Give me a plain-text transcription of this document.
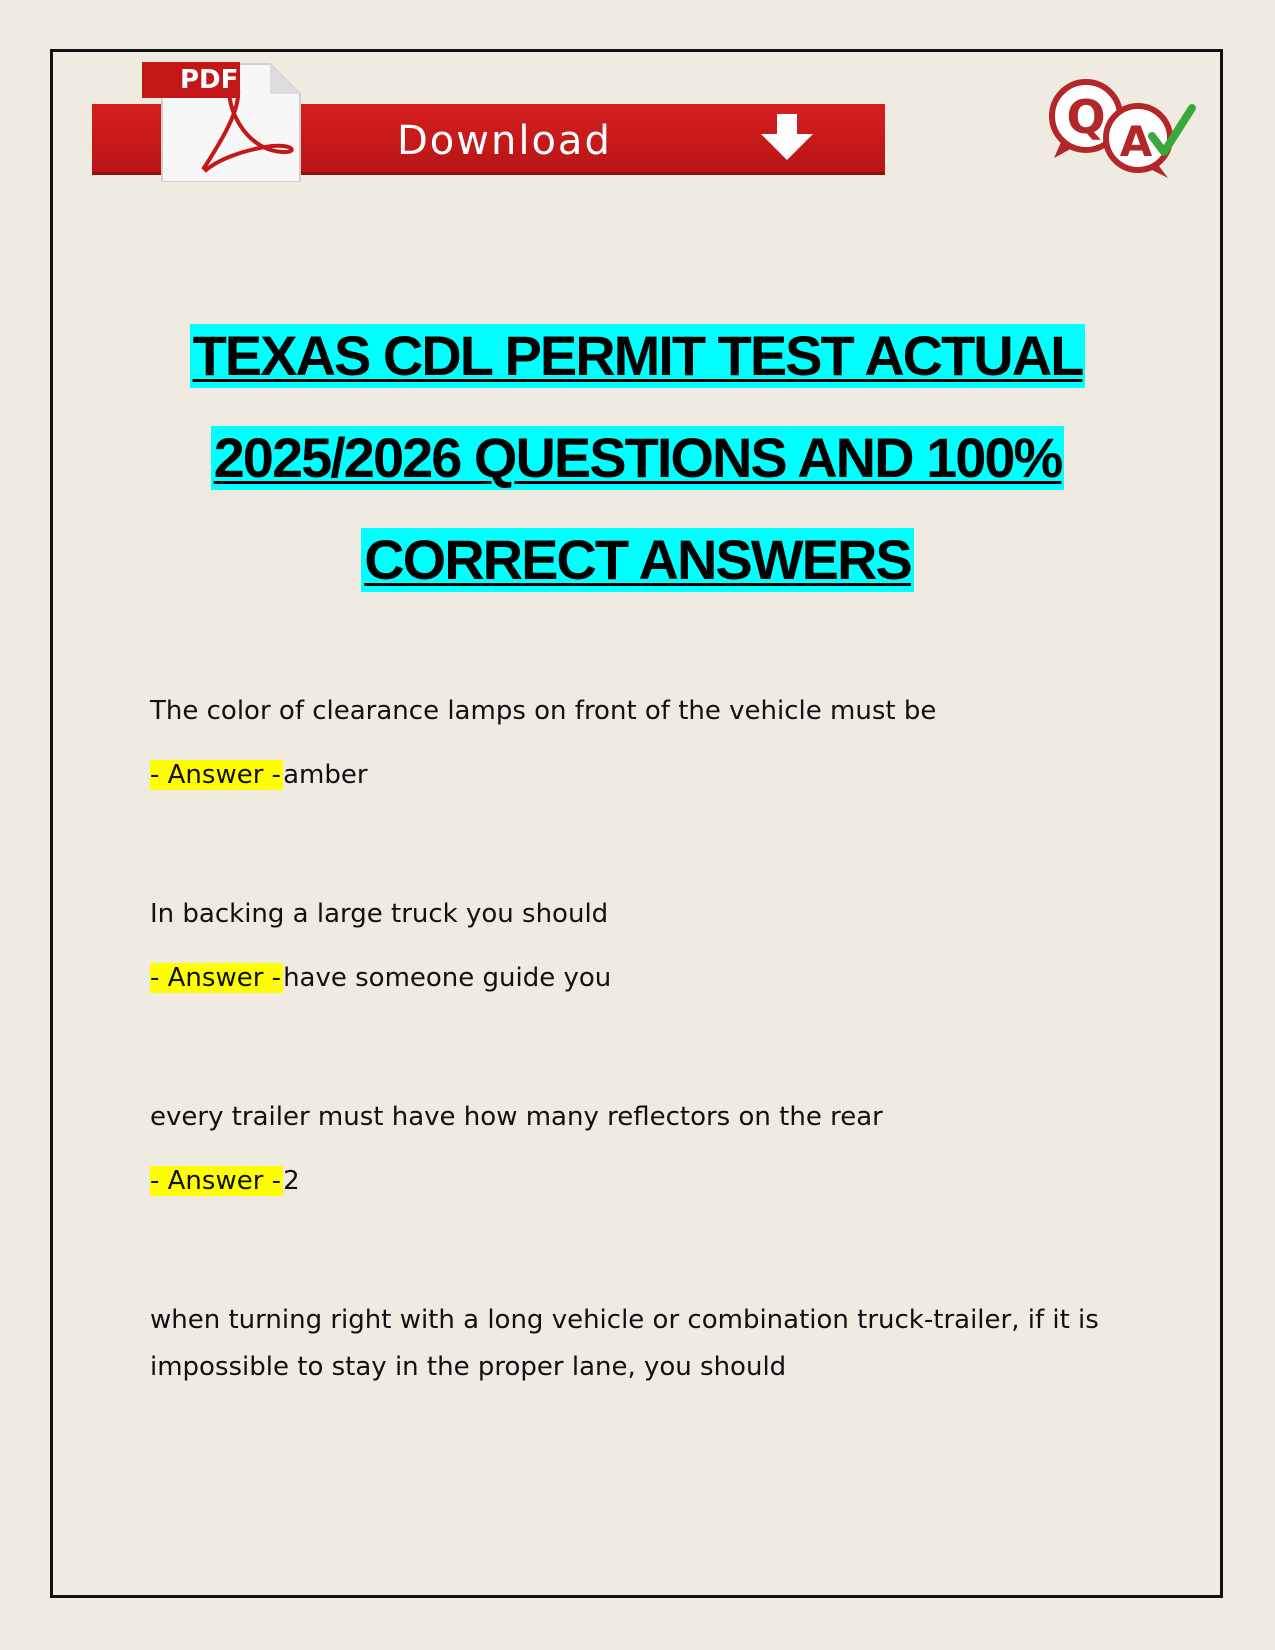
Download
PDF
Q A
TEXAS CDL PERMIT TEST ACTUAL
2025/2026 QUESTIONS AND 100%
CORRECT ANSWERS

The color of clearance lamps on front of the vehicle must be

- Answer -amber

In backing a large truck you should

- Answer -have someone guide you

every trailer must have how many reflectors on the rear

- Answer -2

when turning right with a long vehicle or combination truck-trailer, if it is impossible to stay in the proper lane, you should
